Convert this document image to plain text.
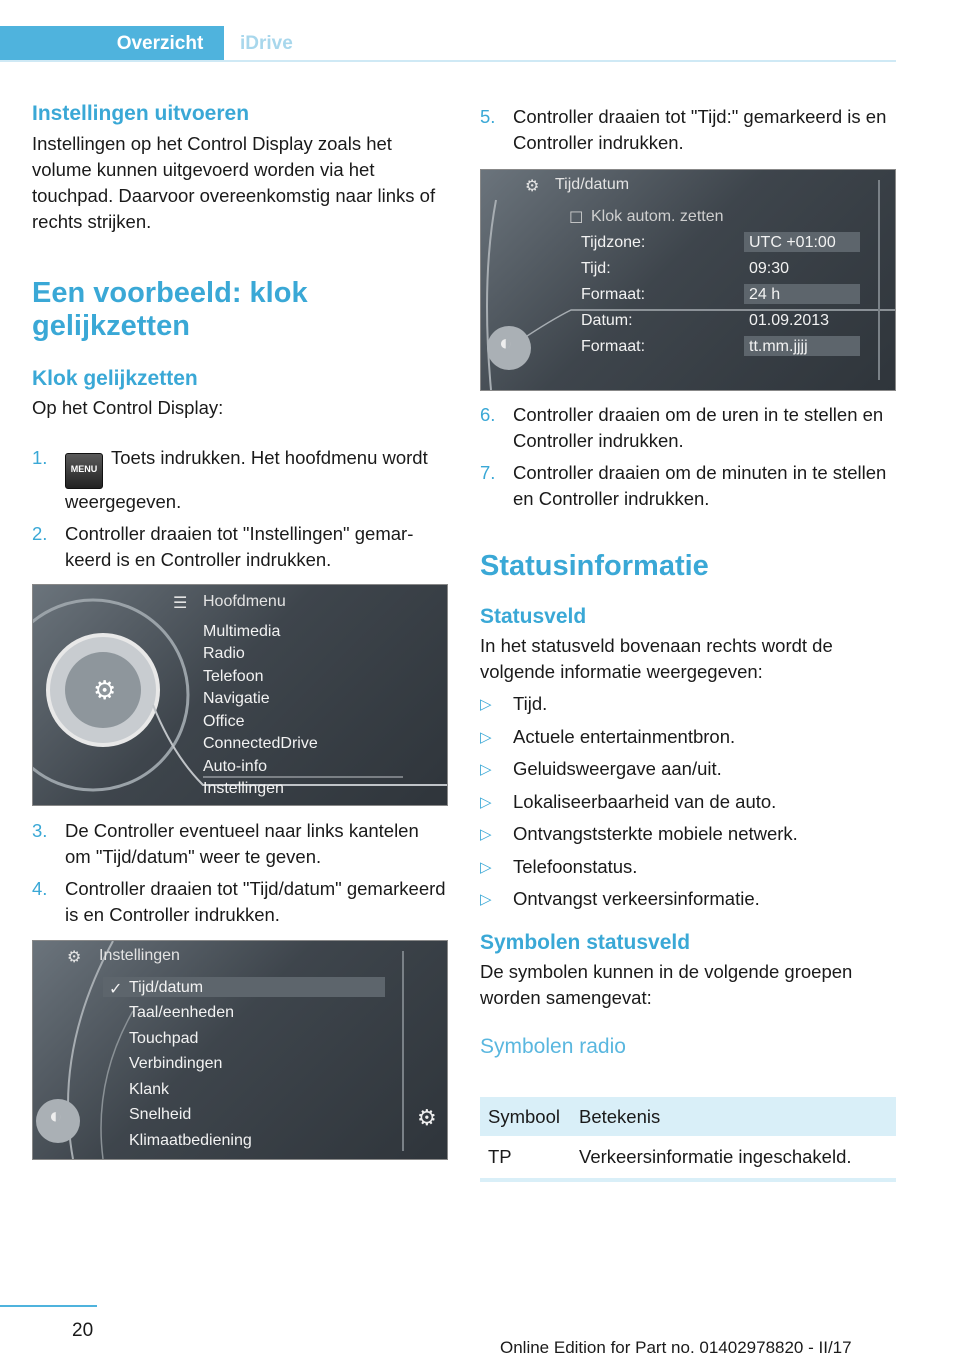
Overzicht iDrive
Instellingen uitvoeren

Instellingen op het Control Display zoals het volume kunnen uitgevoerd worden via het touchpad. Daarvoor overeenkomstig naar links of rechts strijken.

Een voorbeeld: klok gelijkzetten
Klok gelijkzetten

Op het Control Display:

1.
MENUToets indrukken. Het hoofdmenu wordt weergegeven.
2. Controller draaien tot "Instellingen" gemarkeerd is en Controller indrukken.
⚙
☰ Hoofdmenu
Multimedia
Radio
Telefoon
Navigatie
Office
ConnectedDrive
Auto-info
Instellingen
3. De Controller eventueel naar links kantelen om "Tijd/datum" weer te geven.
4. Controller draaien tot "Tijd/datum" gemarkeerd is en Controller indrukken.
◐	⚙
⚙ Instellingen
✓ Tijd/datum
Taal/eenheden
Touchpad
Verbindingen
Klank
Snelheid
Klimaatbediening
5. Controller draaien tot "Tijd:" gemarkeerd is en Controller indrukken.
◐
⚙ Tijd/datum
☐ Klok autom. zetten
Tijdzone:	UTC +01:00
Tijd:	09:30
Formaat:	24 h
Datum:	01.09.2013
Formaat:	tt.mm.jjjj
6. Controller draaien om de uren in te stellen en Controller indrukken.
7. Controller draaien om de minuten in te stellen en Controller indrukken.
Statusinformatie
Statusveld

In het statusveld bovenaan rechts wordt de volgende informatie weergegeven:

▷	Tijd.
▷	Actuele entertainmentbron.
▷	Geluidsweergave aan/uit.
▷	Lokaliseerbaarheid van de auto.
▷	Ontvangststerkte mobiele netwerk.
▷	Telefoonstatus.
▷	Ontvangst verkeersinformatie.
Symbolen statusveld

De symbolen kunnen in de volgende groepen worden samengevat:

Symbolen radio
Symbool	Betekenis
TP	Verkeersinformatie ingeschakeld.
20
Online Edition for Part no. 01402978820 - II/17
